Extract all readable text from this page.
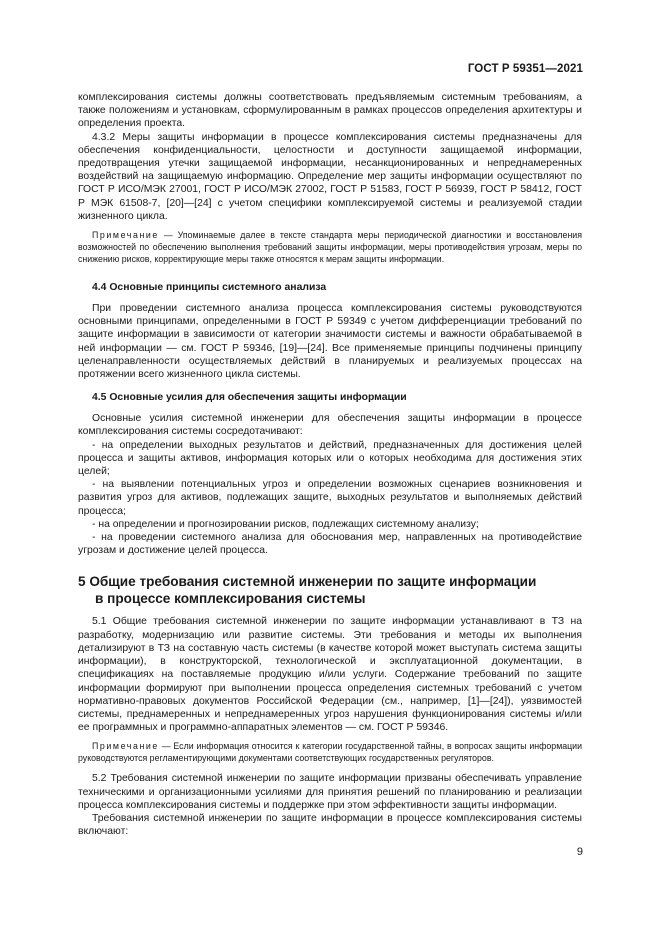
ГОСТ Р 59351—2021

комплексирования системы должны соответствовать предъявляемым системным требованиям, а также положениям и установкам, сформулированным в рамках процессов определения архитектуры и определения проекта.

4.3.2 Меры защиты информации в процессе комплексирования системы предназначены для обеспечения конфиденциальности, целостности и доступности защищаемой информации, предотвращения утечки защищаемой информации, несанкционированных и непреднамеренных воздействий на защищаемую информацию. Определение мер защиты информации осуществляют по ГОСТ Р ИСО/МЭК 27001, ГОСТ Р ИСО/МЭК 27002, ГОСТ Р 51583, ГОСТ Р 56939, ГОСТ Р 58412, ГОСТ Р МЭК 61508-7, [20]—[24] с учетом специфики комплексируемой системы и реализуемой стадии жизненного цикла.

Примечание — Упоминаемые далее в тексте стандарта меры периодической диагностики и восстановления возможностей по обеспечению выполнения требований защиты информации, меры противодействия угрозам, меры по снижению рисков, корректирующие меры также относятся к мерам защиты информации.

4.4 Основные принципы системного анализа

При проведении системного анализа процесса комплексирования системы руководствуются основными принципами, определенными в ГОСТ Р 59349 с учетом дифференциации требований по защите информации в зависимости от категории значимости системы и важности обрабатываемой в ней информации — см. ГОСТ Р 59346, [19]—[24]. Все применяемые принципы подчинены принципу целенаправленности осуществляемых действий в планируемых и реализуемых процессах на протяжении всего жизненного цикла системы.

4.5 Основные усилия для обеспечения защиты информации

Основные усилия системной инженерии для обеспечения защиты информации в процессе комплексирования системы сосредотачивают:

- на определении выходных результатов и действий, предназначенных для достижения целей процесса и защиты активов, информация которых или о которых необходима для достижения этих целей;

- на выявлении потенциальных угроз и определении возможных сценариев возникновения и развития угроз для активов, подлежащих защите, выходных результатов и выполняемых действий процесса;

- на определении и прогнозировании рисков, подлежащих системному анализу;

- на проведении системного анализа для обоснования мер, направленных на противодействие угрозам и достижение целей процесса.

5 Общие требования системной инженерии по защите информации
в процессе комплексирования системы

5.1 Общие требования системной инженерии по защите информации устанавливают в ТЗ на разработку, модернизацию или развитие системы. Эти требования и методы их выполнения детализируют в ТЗ на составную часть системы (в качестве которой может выступать система защиты информации), в конструкторской, технологической и эксплуатационной документации, в спецификациях на поставляемые продукцию и/или услуги. Содержание требований по защите информации формируют при выполнении процесса определения системных требований с учетом нормативно-правовых документов Российской Федерации (см., например, [1]—[24]), уязвимостей системы, преднамеренных и непреднамеренных угроз нарушения функционирования системы и/или ее программных и программно-аппаратных элементов — см. ГОСТ Р 59346.

Примечание — Если информация относится к категории государственной тайны, в вопросах защиты информации руководствуются регламентирующими документами соответствующих государственных регуляторов.

5.2 Требования системной инженерии по защите информации призваны обеспечивать управление техническими и организационными усилиями для принятия решений по планированию и реализации процесса комплексирования системы и поддержке при этом эффективности защиты информации.

Требования системной инженерии по защите информации в процессе комплексирования системы включают:

9
